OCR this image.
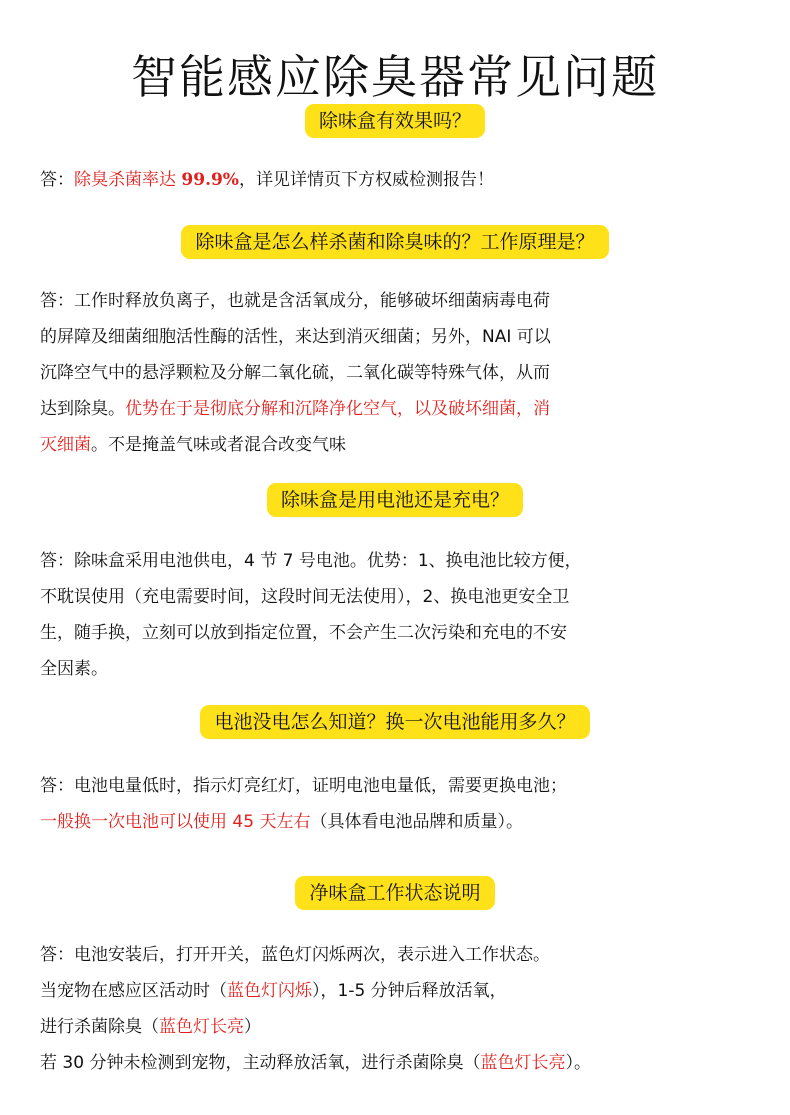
智能感应除臭器常见问题
除味盒有效果吗？

答：除臭杀菌率达 99.9%，详见详情页下方权威检测报告！

除味盒是怎么样杀菌和除臭味的？工作原理是？

答：工作时释放负离子，也就是含活氧成分，能够破坏细菌病毒电荷

的屏障及细菌细胞活性酶的活性，来达到消灭细菌；另外，NAI 可以

沉降空气中的悬浮颗粒及分解二氧化硫，二氧化碳等特殊气体，从而

达到除臭。优势在于是彻底分解和沉降净化空气，以及破坏细菌，消

灭细菌。不是掩盖气味或者混合改变气味

除味盒是用电池还是充电？

答：除味盒采用电池供电，4 节 7 号电池。优势：1、换电池比较方便，

不耽误使用（充电需要时间，这段时间无法使用），2、换电池更安全卫

生，随手换，立刻可以放到指定位置，不会产生二次污染和充电的不安

全因素。

电池没电怎么知道？换一次电池能用多久？

答：电池电量低时，指示灯亮红灯，证明电池电量低，需要更换电池；

一般换一次电池可以使用 45 天左右（具体看电池品牌和质量）。

净味盒工作状态说明

答：电池安装后，打开开关，蓝色灯闪烁两次，表示进入工作状态。

当宠物在感应区活动时（蓝色灯闪烁），1-5 分钟后释放活氧，

进行杀菌除臭（蓝色灯长亮）

若 30 分钟未检测到宠物，主动释放活氧，进行杀菌除臭（蓝色灯长亮）。
